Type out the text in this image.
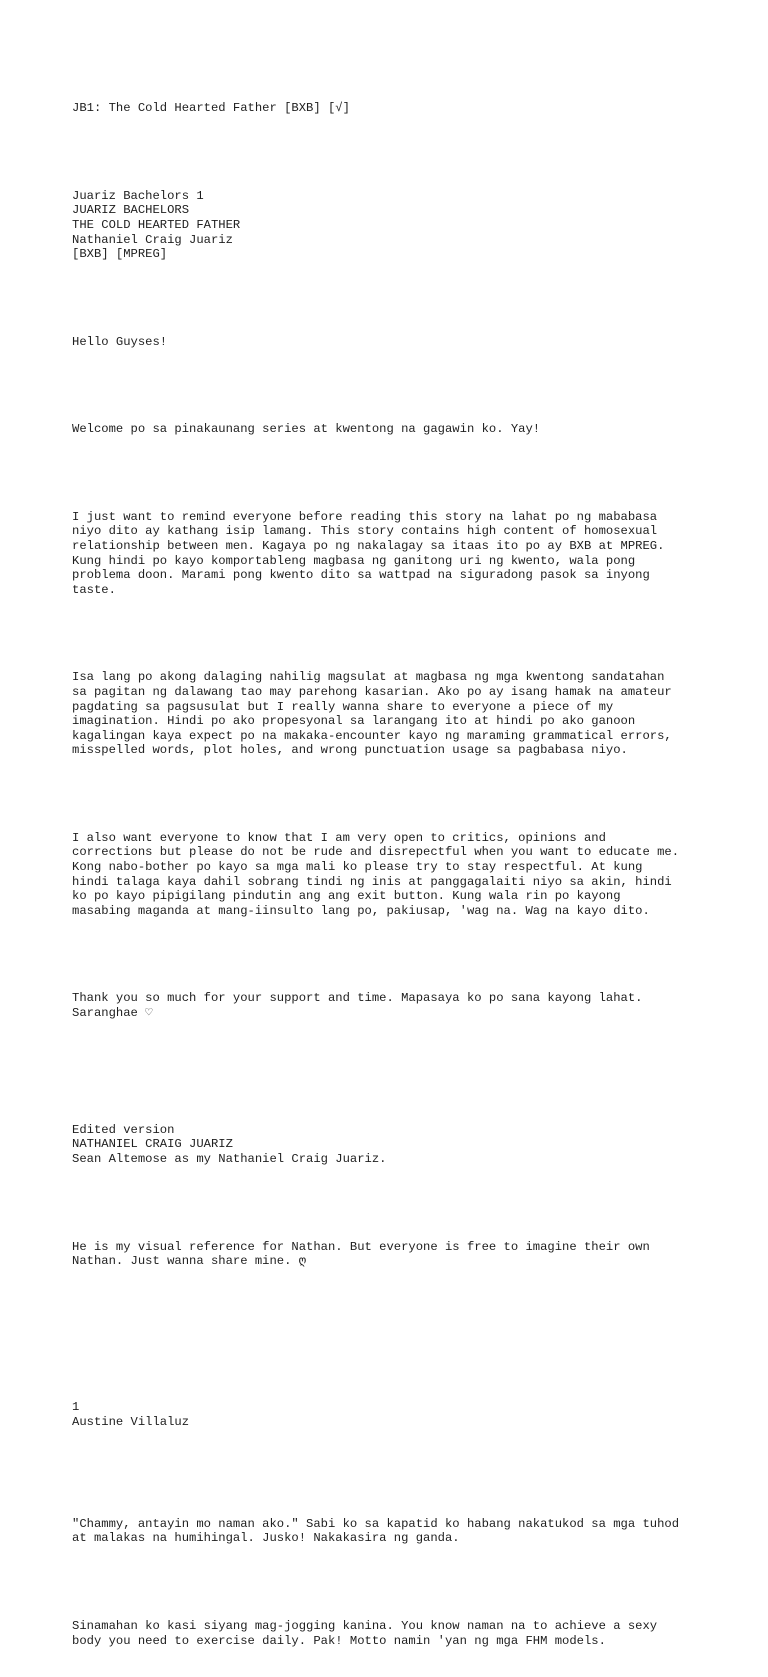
JB1: The Cold Hearted Father [BXB] [√]

Juariz Bachelors 1
JUARIZ BACHELORS
THE COLD HEARTED FATHER
Nathaniel Craig Juariz
[BXB] [MPREG]

Hello Guyses!

Welcome po sa pinakaunang series at kwentong na gagawin ko. Yay!

I just want to remind everyone before reading this story na lahat po ng mababasa
niyo dito ay kathang isip lamang. This story contains high content of homosexual
relationship between men. Kagaya po ng nakalagay sa itaas ito po ay BXB at MPREG.
Kung hindi po kayo komportableng magbasa ng ganitong uri ng kwento, wala pong
problema doon. Marami pong kwento dito sa wattpad na siguradong pasok sa inyong
taste.

Isa lang po akong dalaging nahilig magsulat at magbasa ng mga kwentong sandatahan
sa pagitan ng dalawang tao may parehong kasarian. Ako po ay isang hamak na amateur
pagdating sa pagsusulat but I really wanna share to everyone a piece of my
imagination. Hindi po ako propesyonal sa larangang ito at hindi po ako ganoon
kagalingan kaya expect po na makaka-encounter kayo ng maraming grammatical errors,
misspelled words, plot holes, and wrong punctuation usage sa pagbabasa niyo.

I also want everyone to know that I am very open to critics, opinions and
corrections but please do not be rude and disrepectful when you want to educate me.
Kong nabo-bother po kayo sa mga mali ko please try to stay respectful. At kung
hindi talaga kaya dahil sobrang tindi ng inis at panggagalaiti niyo sa akin, hindi
ko po kayo pipigilang pindutin ang ang exit button. Kung wala rin po kayong
masabing maganda at mang-iinsulto lang po, pakiusap, 'wag na. Wag na kayo dito.

Thank you so much for your support and time. Mapasaya ko po sana kayong lahat.
Saranghae ♡

Edited version
NATHANIEL CRAIG JUARIZ
Sean Altemose as my Nathaniel Craig Juariz.

He is my visual reference for Nathan. But everyone is free to imagine their own
Nathan. Just wanna share mine. ღ

1
Austine Villaluz

"Chammy, antayin mo naman ako." Sabi ko sa kapatid ko habang nakatukod sa mga tuhod
at malakas na humihingal. Jusko! Nakakasira ng ganda.

Sinamahan ko kasi siyang mag-jogging kanina. You know naman na to achieve a sexy
body you need to exercise daily. Pak! Motto namin 'yan ng mga FHM models.
